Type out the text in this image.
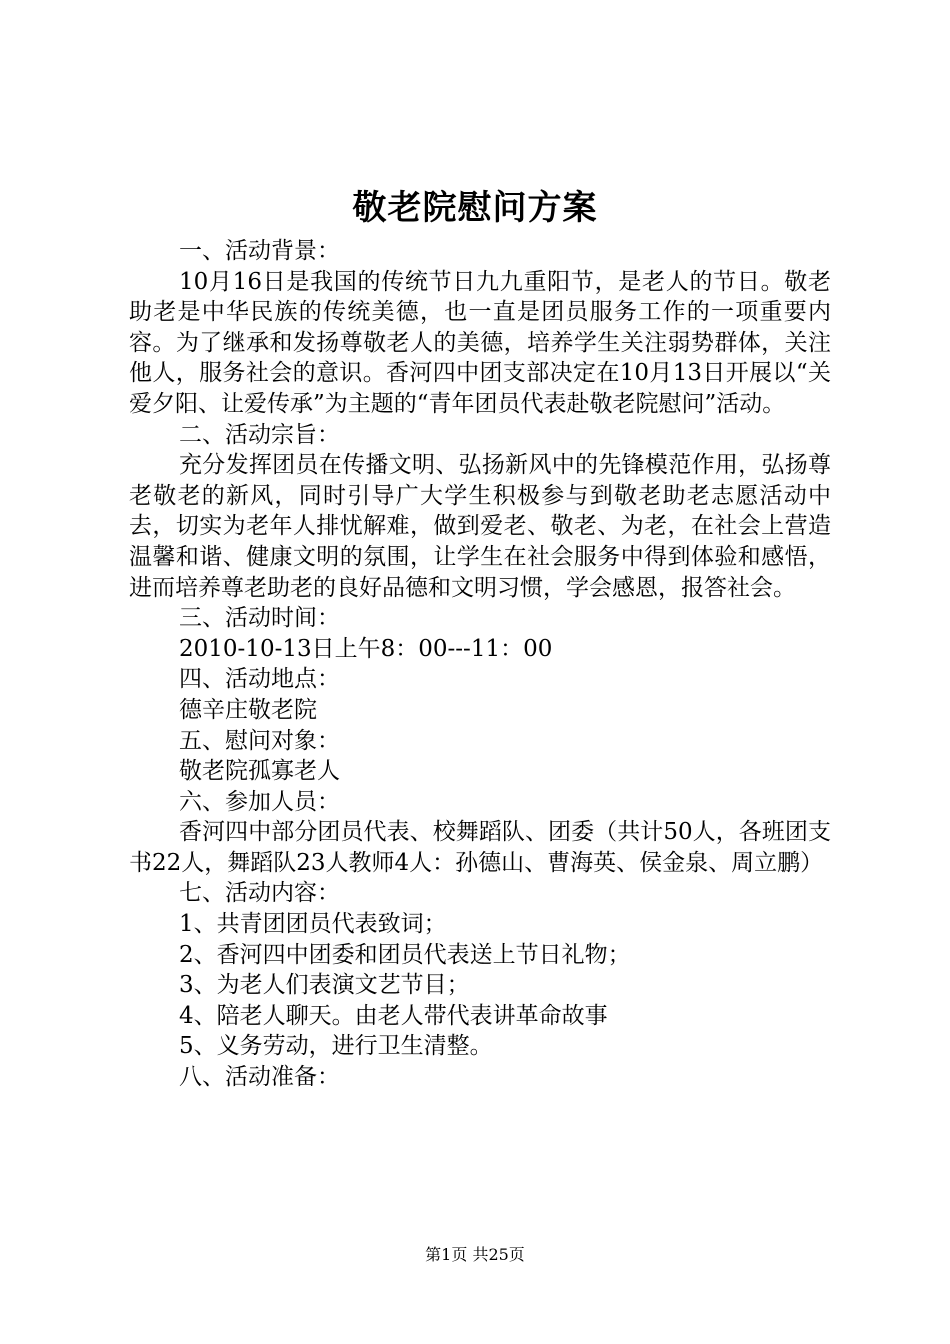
敬老院慰问方案

一、活动背景：

10月16日是我国的传统节日九九重阳节，是老人的节日。敬老助老是中华民族的传统美德，也一直是团员服务工作的一项重要内容。为了继承和发扬尊敬老人的美德，培养学生关注弱势群体，关注他人，服务社会的意识。香河四中团支部决定在10月13日开展以“关爱夕阳、让爱传承”为主题的“青年团员代表赴敬老院慰问”活动。

二、活动宗旨：

充分发挥团员在传播文明、弘扬新风中的先锋模范作用，弘扬尊老敬老的新风，同时引导广大学生积极参与到敬老助老志愿活动中去，切实为老年人排忧解难，做到爱老、敬老、为老，在社会上营造温馨和谐、健康文明的氛围，让学生在社会服务中得到体验和感悟，进而培养尊老助老的良好品德和文明习惯，学会感恩，报答社会。

三、活动时间：

2010-10-13日上午8：00---11：00

四、活动地点：

德辛庄敬老院

五、慰问对象：

敬老院孤寡老人

六、参加人员：

香河四中部分团员代表、校舞蹈队、团委（共计50人，各班团支书22人，舞蹈队23人教师4人：孙德山、曹海英、侯金泉、周立鹏）

七、活动内容：

1、共青团团员代表致词；

2、香河四中团委和团员代表送上节日礼物；

3、为老人们表演文艺节目；

4、陪老人聊天。由老人带代表讲革命故事

5、义务劳动，进行卫生清整。

八、活动准备：

第1页 共25页
